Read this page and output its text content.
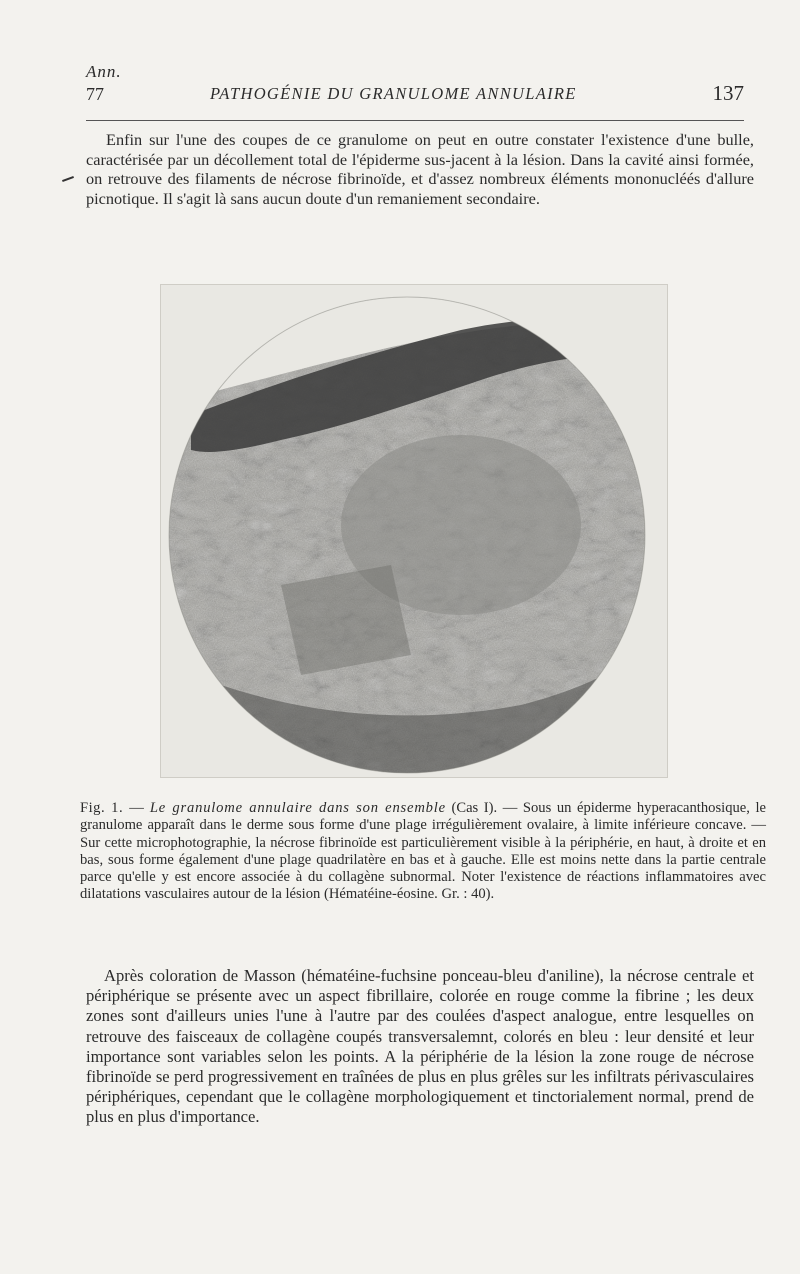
Ann.
77	PATHOGÉNIE DU GRANULOME ANNULAIRE	137

Enfin sur l'une des coupes de ce granulome on peut en outre constater l'existence d'une bulle, caractérisée par un décollement total de l'épiderme sus-jacent à la lésion. Dans la cavité ainsi formée, on retrouve des filaments de nécrose fibrinoïde, et d'assez nombreux éléments mononucléés d'allure picnotique. Il s'agit là sans aucun doute d'un remaniement secondaire.

Fig. 1. — Le granulome annulaire dans son ensemble (Cas I). — Sous un épiderme hyperacanthosique, le granulome apparaît dans le derme sous forme d'une plage irrégulièrement ovalaire, à limite inférieure concave. — Sur cette microphotographie, la nécrose fibrinoïde est particulièrement visible à la périphérie, en haut, à droite et en bas, sous forme également d'une plage quadrilatère en bas et à gauche. Elle est moins nette dans la partie centrale parce qu'elle y est encore associée à du collagène subnormal. Noter l'existence de réactions inflammatoires avec dilatations vasculaires autour de la lésion (Hématéine-éosine. Gr. : 40).

Après coloration de Masson (hématéine-fuchsine ponceau-bleu d'aniline), la nécrose centrale et périphérique se présente avec un aspect fibrillaire, colorée en rouge comme la fibrine ; les deux zones sont d'ailleurs unies l'une à l'autre par des coulées d'aspect analogue, entre lesquelles on retrouve des faisceaux de collagène coupés transversalemnt, colorés en bleu : leur densité et leur importance sont variables selon les points. A la périphérie de la lésion la zone rouge de nécrose fibrinoïde se perd progressivement en traînées de plus en plus grêles sur les infiltrats périvasculaires périphériques, cependant que le collagène morphologiquement et tinctorialement normal, prend de plus en plus d'importance.
